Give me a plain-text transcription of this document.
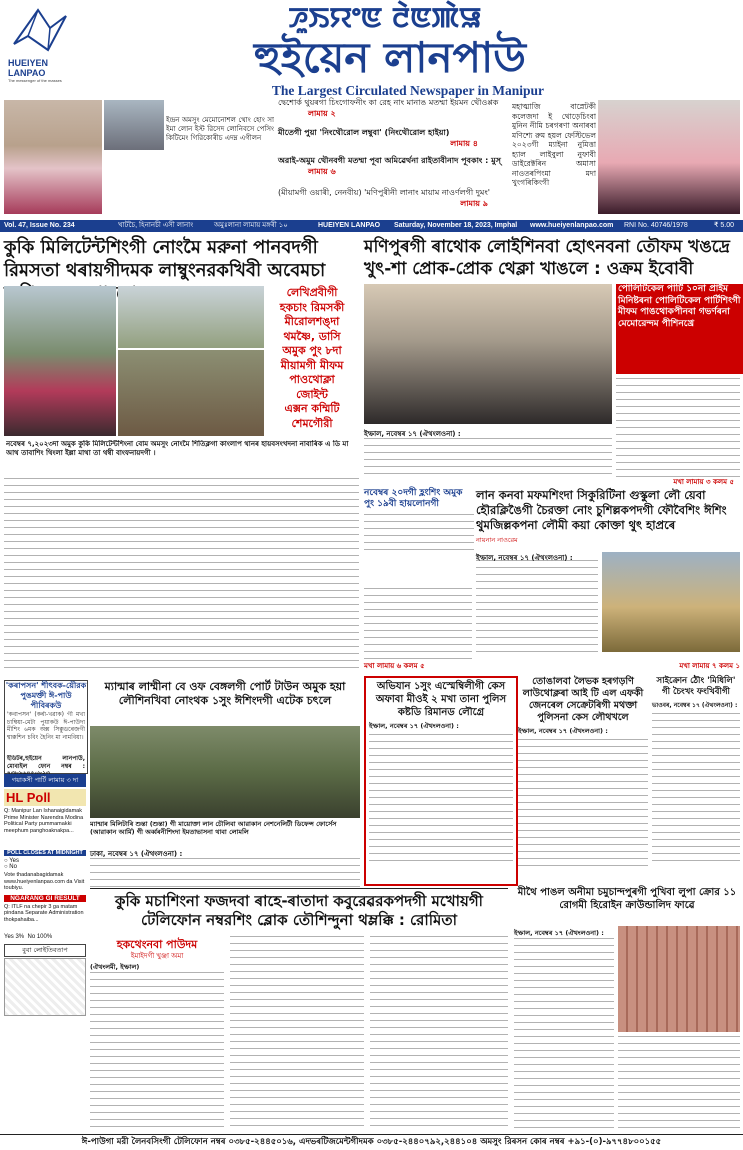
HUEIYEN LANPAO
The messenger of the masses
ꯍꯨꯏꯌꯦꯟ ꯂꯥꯟꯄꯥꯎ
হুইয়েন লানপাউ
The Largest Circulated Newspaper in Manipur
ইন্দ্রন অমসুং মেমোনোশল থোং হোং সা ইমা লোন ইস্ট রিসেদ লোনিবসে পেসিং কিটিমেং গিরিকোৰীচ এদম্ন এগীলন
দ্বেশোৰ্ক থুয়ৰগা চিংগোফনীং কা রেহ নাং মানাঙ মতম্মা ইয়মন থৌওপ্পক
লামায় ২
মীতেগী পুয়া 'নিংথৌরোল লম্বুবা' (নিংথৌরোল হাইয়া)
লামায় ৪
অরাই-অমুম থৌনবগী মতম্মা পূবা অমিৱেৰ্থনা রাইতাবীনাদ পূবকাং : মুস্
লামায় ৬
(মীয়ামগী ওয়াৰী, নেনবীয়) 'মণিপুৰীনী লানাং মায়াম নাওৰ্ণলগী দুমং'
লামায় ৯
মহাত্মাজি বাস্নেটকী কলেজদা ই থোড়েচিংবা মুনিন নীমি চৰগৰণা অনাৰবা মণিশ্যে রুম হয়ল ফেস্টিভেল ২০২৩গী ম্যাইনা নুমিত্তা হ্যাল লাইবুলা নুফাবী ডাইরেক্টৰিন অমাসা নাওতৰপিংমা মদা খুংগৰিকিংগী
Vol. 47, Issue No. 234	খাটচৈ, হিনানচী এসী লানাং	অমুঃলানা লামায় মঙ্গৰী ১০	HUEIYEN LANPAO Saturday, November 18, 2023, Imphal www.hueiyenlanpao.com RNI No. 40746/1978	₹ 5.00
কুকি মিলিটেন্টশিংগী নোংমৈ মরুনা পানবদগী রিমসতা থৰায়গীদমক লাম্বুংনরকখিবী অবেমচা
লেখিপ্ৰবীগী
হকচাং রিমসকী
মীরোলশঙ্দা
থমষ্ণৈ, ডাসি
অমুক পুং ৮দা
মীয়ামগী মীফম
পাওথোক্লা
জোইন্ট
এক্সন কম্মিটি
শেমগৌরী
নবেম্বৰ ৭,২০২৩দা অমুক কুকি মিলিটেন্টশিংনা বোম অমসুং নোংমৈ শিতিক্লগা কাংলাপ থানৰ হায়বসংখদনা নাবাৰিক এ ডি মা আথ তাবাশিং থিংলা ইল্লা মাথা তা থম্বী বাংফনায়দগী ।
মণিপুৰগী ৰাথোক লোইশিনবা হোৎনবনা তৌফম খঙদ্ৰে খুৎ-শা প্রোক-প্রোক থেক্লা খাঙলে : ওক্রম ইবোবী
পোলিটিকেল পাৰ্টি ১০না প্রাইম মিনিষ্টৰনা পোলিটিকেল পাৰ্টিশিংগী মীফম পাঙথোকপীনবা গভৰ্ণৰনা মেমোরেন্দম পীশিনখ্ৰে
ইম্ফাল, নবেম্বৰ ১৭ (ঐথংলওনা) :
মখা লামায় ৩ কলম ৫
নবেম্বৰ ২০দগী হ্লংশিং অমুক পুং ১৯বী হায়লোনগী
লান কনবা মফমশিংদা সিকুরিটিনা গুস্কুলা লৌ য়েবা হৌরক্লিঙৈগী চৈরক্তা নোং চুশিল্লকপদগী ফৌবৈশিং ঈশিং থুমজিল্লকপনা লৌমী কয়া কোক্তা থুৎ হাপ্রৰে
নায়নান নাওরেম
ইম্ফাল, নবেম্বৰ ১৭ (ঐথংলওনা) :
মখা লামায় ৭ কলম ১
মখা লামায় ৬ কলম ৫
'কৰাপসন' শীৎবক-য়ৌরক পুঙমক্তী ঈ-পাউ পীবিৰকউ
'কবাপসন' (কৰ্ৰা-খৱাক) গী মখা চাম্বিয়া-মেটা পুয়াকউ ঈ-পাউদা মীশিং ৬মক অক্স সিক্কুডৰেজগী শ্বাক্কশিন চবিং হৈনিং মা নামবিয়া।
ইডিটৰ,হুইয়েন লানপাউ, মোবাইল ফোন নম্বৰ :
গয়াকসী পাৰ্টি লামায় ৩ দা
HL Poll
Q: Manipur Lan Ishanaigidamak Prime Minister Narendra Modina Political Party pummamakki meephum panghoaknakpa...
POLL CLOSES AT MIDNIGHT
○ Yes
○ No
Vote thadanabagidamak www.hueiyenlanpao.com da Visit toubiyu.
NGARANG GI RESULT
Q: ITLF na chepir 3 ga matam pindana Separate Administration thokpahaiba...
Yes 3% No 100%
বুবা লোইতিবতাপ
ম্যান্মাৰ লাম্মীনা বে ওফ বেঙ্গলগী পোৰ্ট টাউন অমুক হয়া লৌশিনখিবা নোংথক ১সুং ঈশিংদগী এটেক চৎলে
ম্যান্মাৰ মিলিটাৰি শুন্তা (শুন্তা) গী মায়োক্তা লান চৌলিবা আরাকান নেশনেলিটী ডিফেন্স ফোৰ্সেস (আরাকান আৰ্মি) গী অৰ্ব্বৰনীশিংদা ইমতাভাসনা থাবা লোমলি
ঢাকা, নবেম্বৰ ১৭ (ঐথংলওনা) :
অভিযান ১সুং এস্মেম্বিলীগী কেস অফাবা মীওই ২ মখা তানা পুলিস কষ্টডি রিমানড লৌগ্ৰে
ইম্ফাল, নবেম্বৰ ১৭ (ঐথংলওনা) :
তোঙালবা লৈভক হৰগড়ণি লাউথোক্লৰা আই টি এল এফকী জেনৰেল সেক্রেটৰিগী মথক্তা পুলিসনা কেস লৌথখলে
ইম্ফাল, নবেম্বৰ ১৭ (ঐথংলওনা) :
সাইক্রোন ঠৌং 'মিধিলি' গী চৈংখং ফংখিবীগী
ভাওবৰ, নবেম্বৰ ১৭ (ঐথংলওনা) :
কুকি মচাশিংনা ফজদবা ৰাহে-ৰাতাদা কবুরেৱরকপদগী মখোয়গী টেলিফোন নম্বরশিং ব্লোক তৌশিন্দুনা থম্লক্কি : রোমিতা
হকথেংনবা পাউদম
ইমাইদগী খুঞ্জা অমা
(ঐথংলমী, ইম্ফাল)
মীথৈ পাঙল অনীমা চমুচান্দপুৰগী পুখিবা লুপা ক্ৰোর ১১ রোগমী হিরোইন ক্রাউন্ডালিদ ফাৱে
ইম্ফাল, নবেম্বৰ ১৭ (ঐথংলওনা) :
ঈ-পাউগা মরী লৈনবসিংগী টেলিফোন নম্বৰ ০৩৮৫-২৪৪৫০১৬, এদভৰটিজমেন্টগীদমক ০৩৮৫-২৪৪০৭৯২,২৪৪১০৪ অমসুং রিৰসন কোৰ নম্বৰ +৯১-(০)-৯৭৭৪৮০০১৫৫
